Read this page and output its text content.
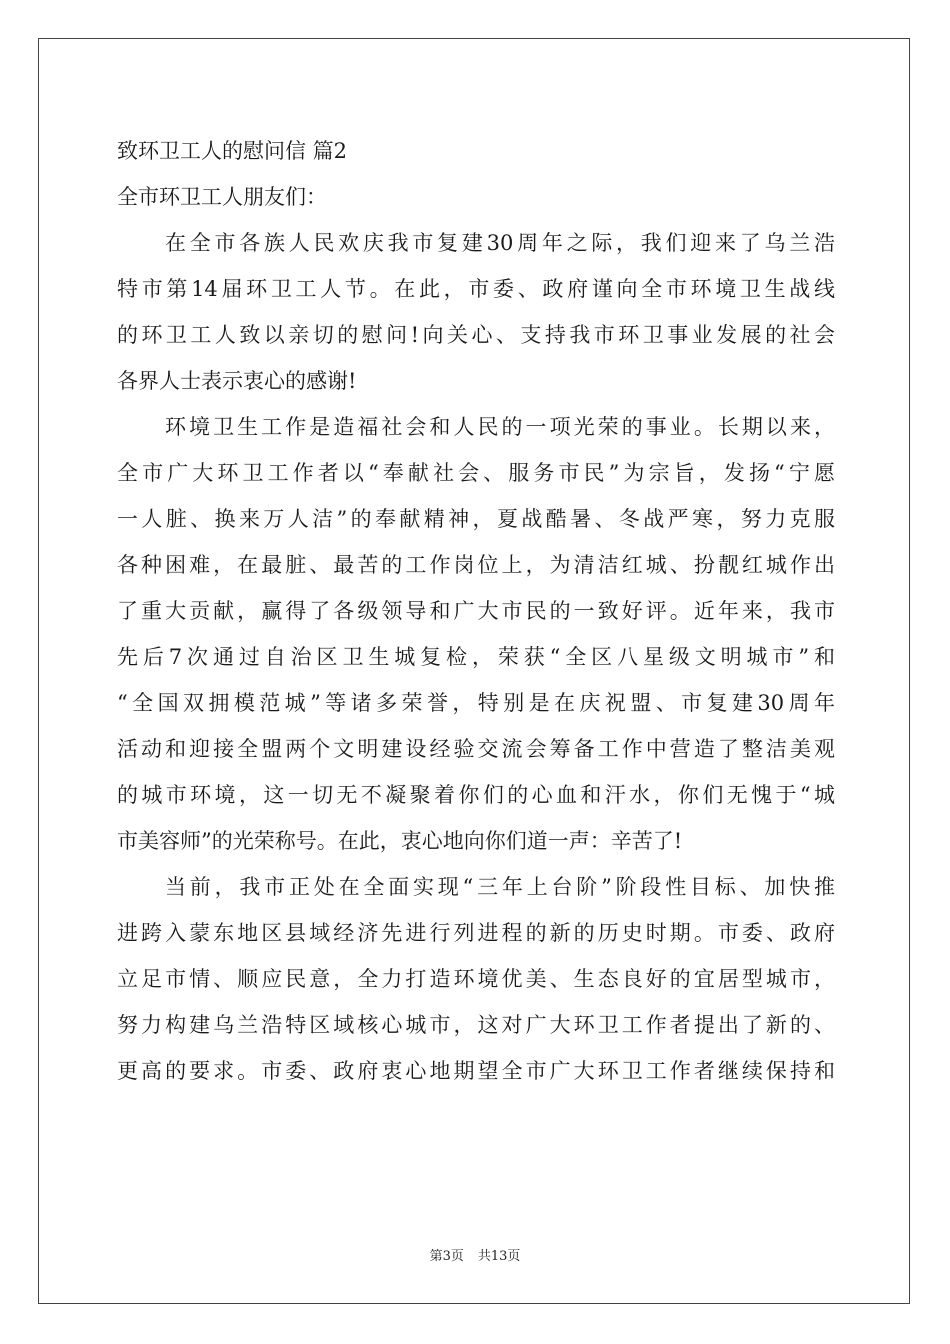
致环卫工人的慰问信 篇2
全市环卫工人朋友们：
在全市各族人民欢庆我市复建30周年之际，我们迎来了乌兰浩
特市第14届环卫工人节。在此，市委、政府谨向全市环境卫生战线
的环卫工人致以亲切的慰问!向关心、支持我市环卫事业发展的社会
各界人士表示衷心的感谢!
环境卫生工作是造福社会和人民的一项光荣的事业。长期以来，
全市广大环卫工作者以“奉献社会、服务市民”为宗旨，发扬“宁愿
一人脏、换来万人洁”的奉献精神，夏战酷暑、冬战严寒，努力克服
各种困难，在最脏、最苦的工作岗位上，为清洁红城、扮靓红城作出
了重大贡献，赢得了各级领导和广大市民的一致好评。近年来，我市
先后7次通过自治区卫生城复检，荣获“全区八星级文明城市”和
“全国双拥模范城”等诸多荣誉，特别是在庆祝盟、市复建30周年
活动和迎接全盟两个文明建设经验交流会筹备工作中营造了整洁美观
的城市环境，这一切无不凝聚着你们的心血和汗水，你们无愧于“城
市美容师”的光荣称号。在此，衷心地向你们道一声：辛苦了!
当前，我市正处在全面实现“三年上台阶”阶段性目标、加快推
进跨入蒙东地区县域经济先进行列进程的新的历史时期。市委、政府
立足市情、顺应民意，全力打造环境优美、生态良好的宜居型城市，
努力构建乌兰浩特区域核心城市，这对广大环卫工作者提出了新的、
更高的要求。市委、政府衷心地期望全市广大环卫工作者继续保持和
第3页 共13页
